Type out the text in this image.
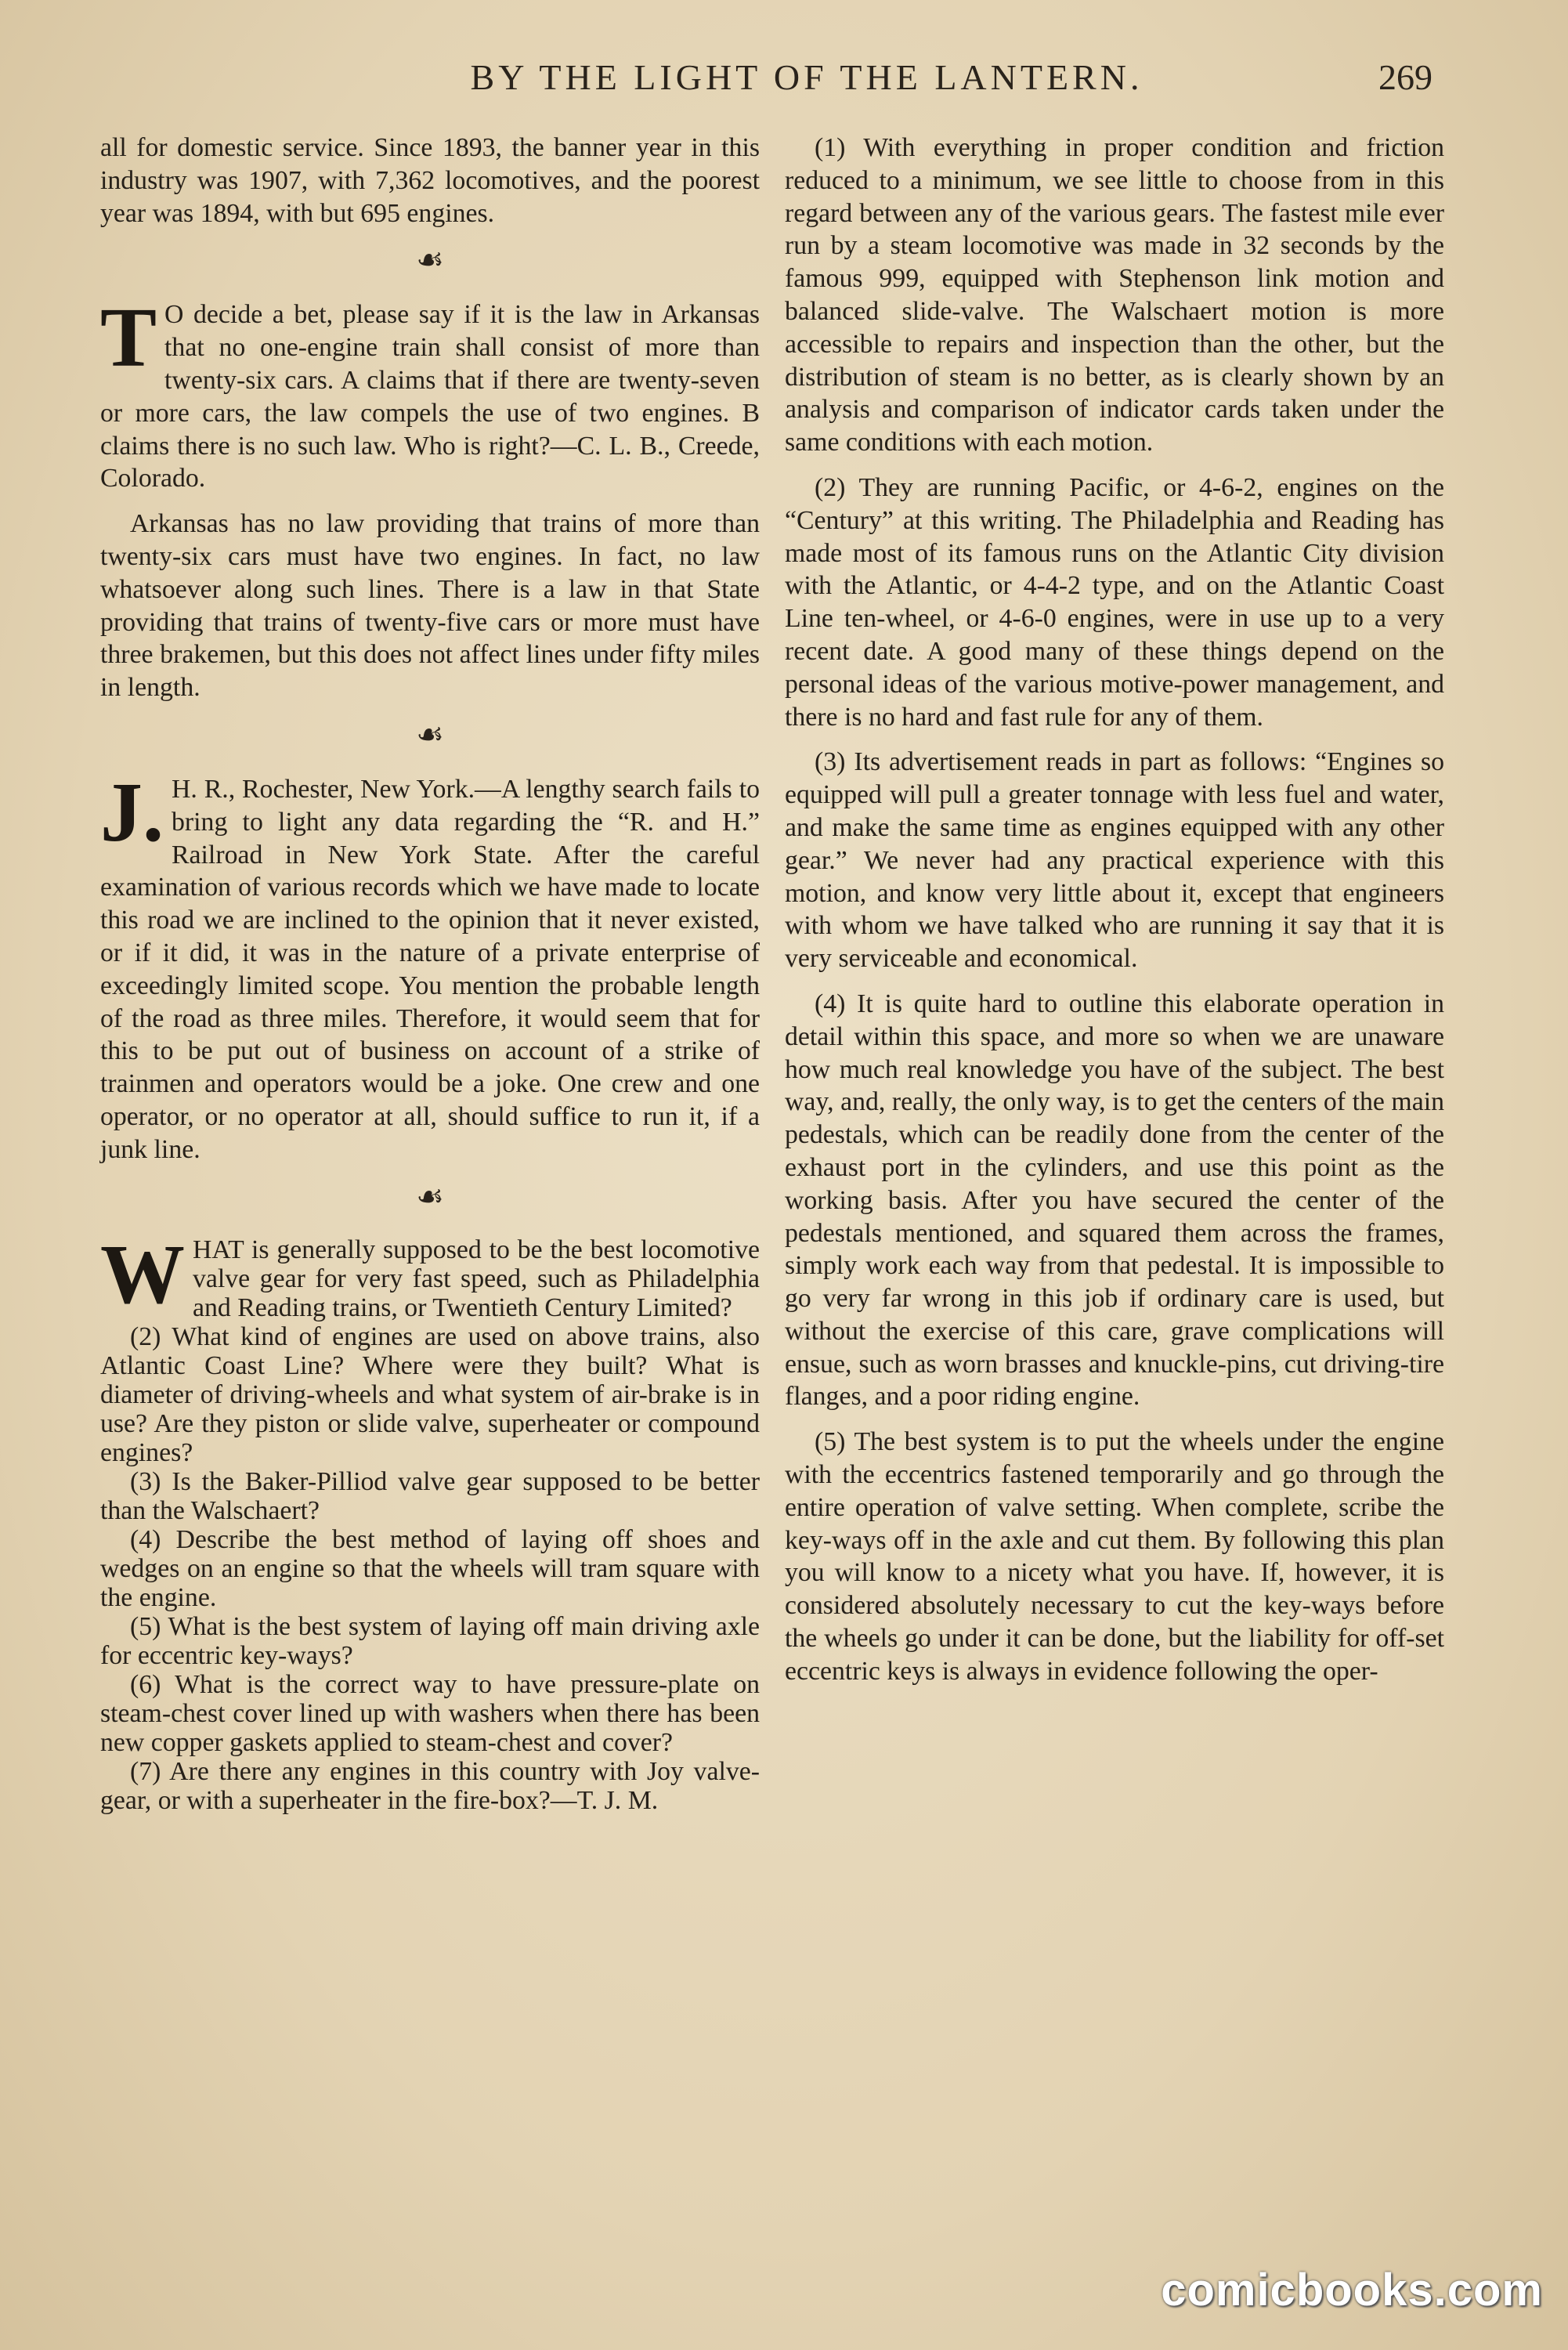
BY THE LIGHT OF THE LANTERN.	269

all for domestic service. Since 1893, the banner year in this industry was 1907, with 7,362 locomotives, and the poorest year was 1894, with but 695 engines.

☙

T O decide a bet, please say if it is the law in Arkansas that no one-engine train shall consist of more than twenty-six cars. A claims that if there are twenty-seven or more cars, the law compels the use of two engines. B claims there is no such law. Who is right?—C. L. B., Creede, Colorado.

Arkansas has no law providing that trains of more than twenty-six cars must have two engines. In fact, no law whatsoever along such lines. There is a law in that State providing that trains of twenty-five cars or more must have three brakemen, but this does not affect lines under fifty miles in length.

☙

J. H. R., Rochester, New York.—A lengthy search fails to bring to light any data regarding the “R. and H.” Railroad in New York State. After the careful examination of various records which we have made to locate this road we are inclined to the opinion that it never existed, or if it did, it was in the nature of a private enterprise of exceedingly limited scope. You mention the probable length of the road as three miles. Therefore, it would seem that for this to be put out of business on account of a strike of trainmen and operators would be a joke. One crew and one operator, or no operator at all, should suffice to run it, if a junk line.

☙

WHAT is generally supposed to be the best locomotive valve gear for very fast speed, such as Philadelphia and Reading trains, or Twentieth Century Limited?

(2) What kind of engines are used on above trains, also Atlantic Coast Line? Where were they built? What is diameter of driving-wheels and what system of air-brake is in use? Are they piston or slide valve, superheater or compound engines?

(3) Is the Baker-Pilliod valve gear supposed to be better than the Walschaert?

(4) Describe the best method of laying off shoes and wedges on an engine so that the wheels will tram square with the engine.

(5) What is the best system of laying off main driving axle for eccentric key-ways?

(6) What is the correct way to have pressure-plate on steam-chest cover lined up with washers when there has been new copper gaskets applied to steam-chest and cover?

(7) Are there any engines in this country with Joy valve-gear, or with a superheater in the fire-box?—T. J. M.

(1) With everything in proper condition and friction reduced to a minimum, we see little to choose from in this regard between any of the various gears. The fastest mile ever run by a steam locomotive was made in 32 seconds by the famous 999, equipped with Stephenson link motion and balanced slide-valve. The Walschaert motion is more accessible to repairs and inspection than the other, but the distribution of steam is no better, as is clearly shown by an analysis and comparison of indicator cards taken under the same conditions with each motion.

(2) They are running Pacific, or 4-6-2, engines on the “Century” at this writing. The Philadelphia and Reading has made most of its famous runs on the Atlantic City division with the Atlantic, or 4-4-2 type, and on the Atlantic Coast Line ten-wheel, or 4-6-0 engines, were in use up to a very recent date. A good many of these things depend on the personal ideas of the various motive-power management, and there is no hard and fast rule for any of them.

(3) Its advertisement reads in part as follows: “Engines so equipped will pull a greater tonnage with less fuel and water, and make the same time as engines equipped with any other gear.” We never had any practical experience with this motion, and know very little about it, except that engineers with whom we have talked who are running it say that it is very serviceable and economical.

(4) It is quite hard to outline this elaborate operation in detail within this space, and more so when we are unaware how much real knowledge you have of the subject. The best way, and, really, the only way, is to get the centers of the main pedestals, which can be readily done from the center of the exhaust port in the cylinders, and use this point as the working basis. After you have secured the center of the pedestals mentioned, and squared them across the frames, simply work each way from that pedestal. It is impossible to go very far wrong in this job if ordinary care is used, but without the exercise of this care, grave complications will ensue, such as worn brasses and knuckle-pins, cut driving-tire flanges, and a poor riding engine.

(5) The best system is to put the wheels under the engine with the eccentrics fastened temporarily and go through the entire operation of valve setting. When complete, scribe the key-ways off in the axle and cut them. By following this plan you will know to a nicety what you have. If, however, it is considered absolutely necessary to cut the key-ways before the wheels go under it can be done, but the liability for off-set eccentric keys is always in evidence following the oper-

comicbooks.com
